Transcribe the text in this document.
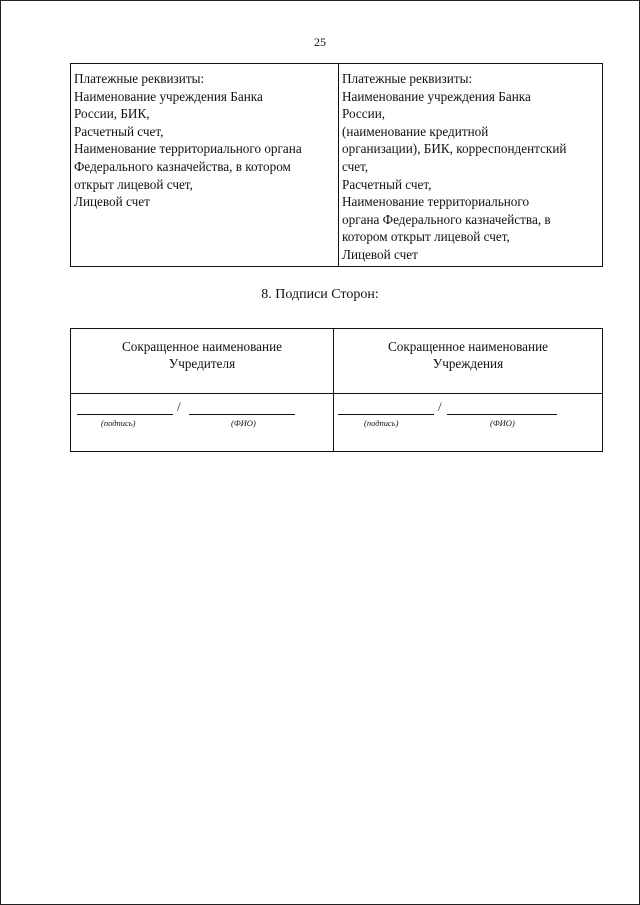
25
Платежные реквизиты:
Наименование учреждения Банка
России, БИК,
Расчетный счет,
Наименование территориального органа
Федерального казначейства, в котором
открыт лицевой счет,
Лицевой счет
Платежные реквизиты:
Наименование учреждения Банка
России,
(наименование кредитной
организации), БИК, корреспондентский
счет,
Расчетный счет,
Наименование территориального
органа Федерального казначейства, в
котором открыт лицевой счет,
Лицевой счет
8. Подписи Сторон:
Сокращенное наименование
Учредителя
Сокращенное наименование
Учреждения
/
(подпись)	(ФИО)
/
(подпись)	(ФИО)
